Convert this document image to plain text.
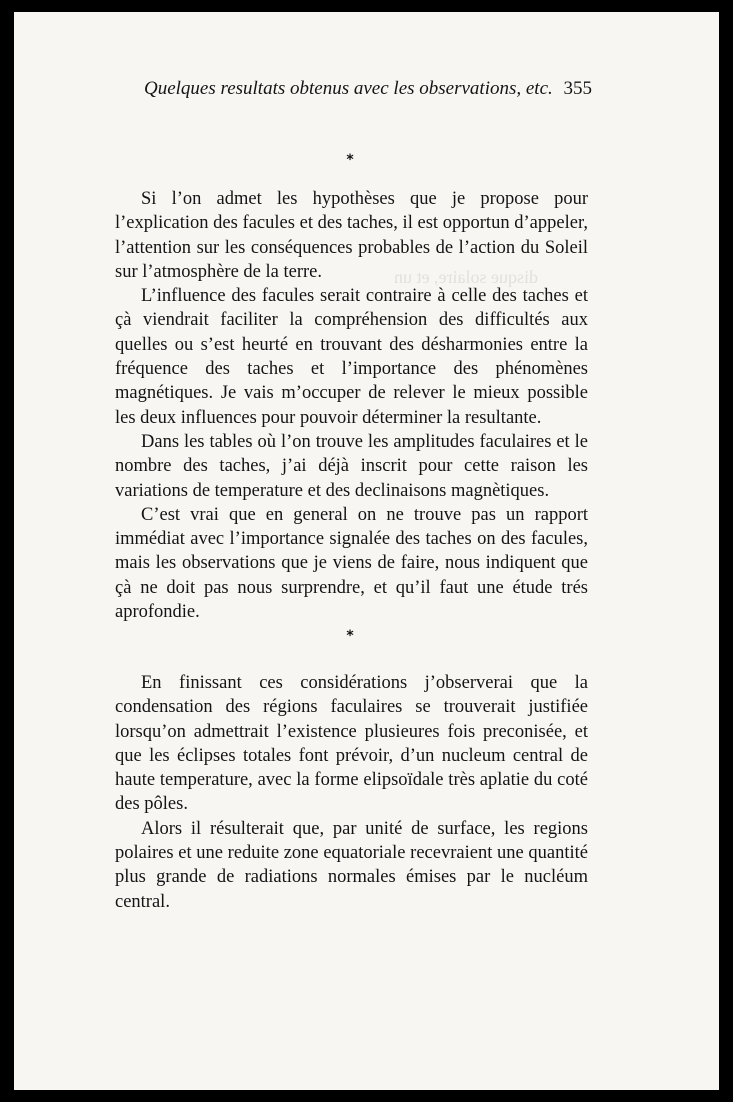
disque solaire, et un
Quelques resultats obtenus avec les observations, etc. 355
*

Si l’on admet les hypothèses que je propose pour l’explication des facules et des taches, il est opportun d’appeler, l’attention sur les conséquences probables de l’action du Soleil sur l’atmosphère de la terre.

L’influence des facules serait contraire à celle des taches et çà viendrait faciliter la compréhension des difficultés aux quelles ou s’est heurté en trouvant des désharmonies entre la fréquence des taches et l’importance des phénomènes magnétiques. Je vais m’occuper de relever le mieux possible les deux influences pour pouvoir déterminer la resultante.

Dans les tables où l’on trouve les amplitudes faculaires et le nombre des taches, j’ai déjà inscrit pour cette raison les variations de temperature et des declinaisons magnètiques.

C’est vrai que en general on ne trouve pas un rapport immédiat avec l’importance signalée des taches on des facules, mais les observations que je viens de faire, nous indiquent que çà ne doit pas nous surprendre, et qu’il faut une étude trés aprofondie.

*

En finissant ces considérations j’observerai que la condensation des régions faculaires se trouverait justifiée lorsqu’on admettrait l’existence plusieures fois preconisée, et que les éclipses totales font prévoir, d’un nucleum central de haute temperature, avec la forme elipsoïdale très aplatie du coté des pôles.

Alors il résulterait que, par unité de surface, les regions polaires et une reduite zone equatoriale recevraient une quantité plus grande de radiations normales émises par le nucléum central.
